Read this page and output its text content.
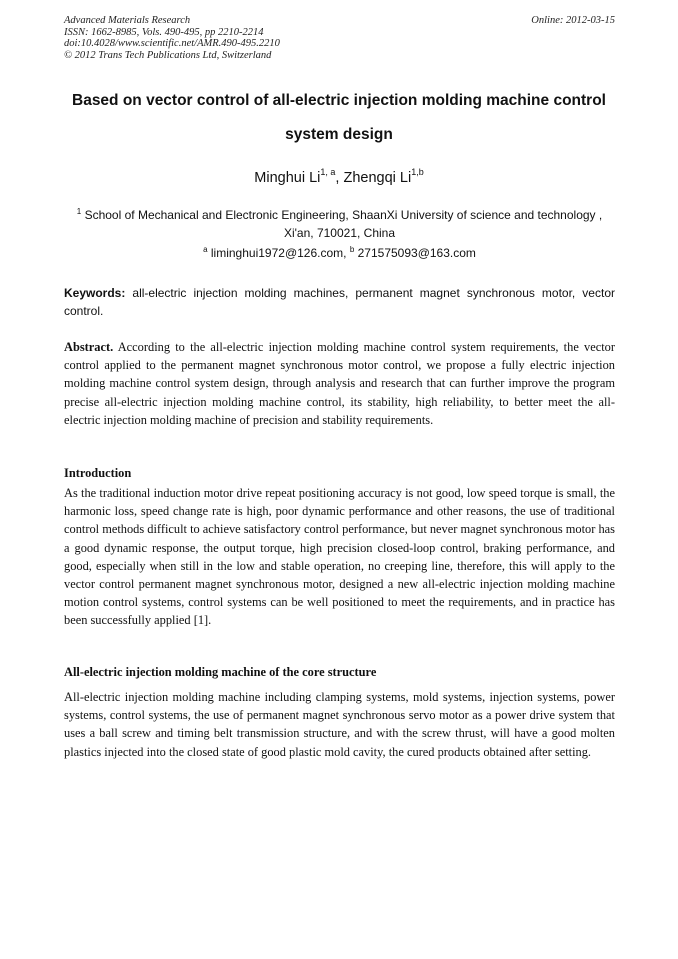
Advanced Materials Research
ISSN: 1662-8985, Vols. 490-495, pp 2210-2214
doi:10.4028/www.scientific.net/AMR.490-495.2210
© 2012 Trans Tech Publications Ltd, Switzerland
Online: 2012-03-15
Based on vector control of all-electric injection molding machine control
system design
Minghui Li$^{1, a}$, Zhengqi Li$^{1,b}$
$^1$ School of Mechanical and Electronic Engineering, ShaanXi University of science and technology ,
Xi'an, 710021, China
$^a$ liminghui1972@126.com, $^b$ 271575093@163.com
Keywords: all-electric injection molding machines, permanent magnet synchronous motor, vector control.
Abstract. According to the all-electric injection molding machine control system requirements, the vector control applied to the permanent magnet synchronous motor control, we propose a fully electric injection molding machine control system design, through analysis and research that can further improve the program precise all-electric injection molding machine control, its stability, high reliability, to better meet the all-electric injection molding machine of precision and stability requirements.
Introduction
As the traditional induction motor drive repeat positioning accuracy is not good, low speed torque is small, the harmonic loss, speed change rate is high, poor dynamic performance and other reasons, the use of traditional control methods difficult to achieve satisfactory control performance, but never magnet synchronous motor has a good dynamic response, the output torque, high precision closed-loop control, braking performance, and good, especially when still in the low and stable operation, no creeping line, therefore, this will apply to the vector control permanent magnet synchronous motor, designed a new all-electric injection molding machine motion control systems, control systems can be well positioned to meet the requirements, and in practice has been successfully applied [1].
All-electric injection molding machine of the core structure
All-electric injection molding machine including clamping systems, mold systems, injection systems, power systems, control systems, the use of permanent magnet synchronous servo motor as a power drive system that uses a ball screw and timing belt transmission structure, and with the screw thrust, will have a good molten plastics injected into the closed state of good plastic mold cavity, the cured products obtained after setting.
